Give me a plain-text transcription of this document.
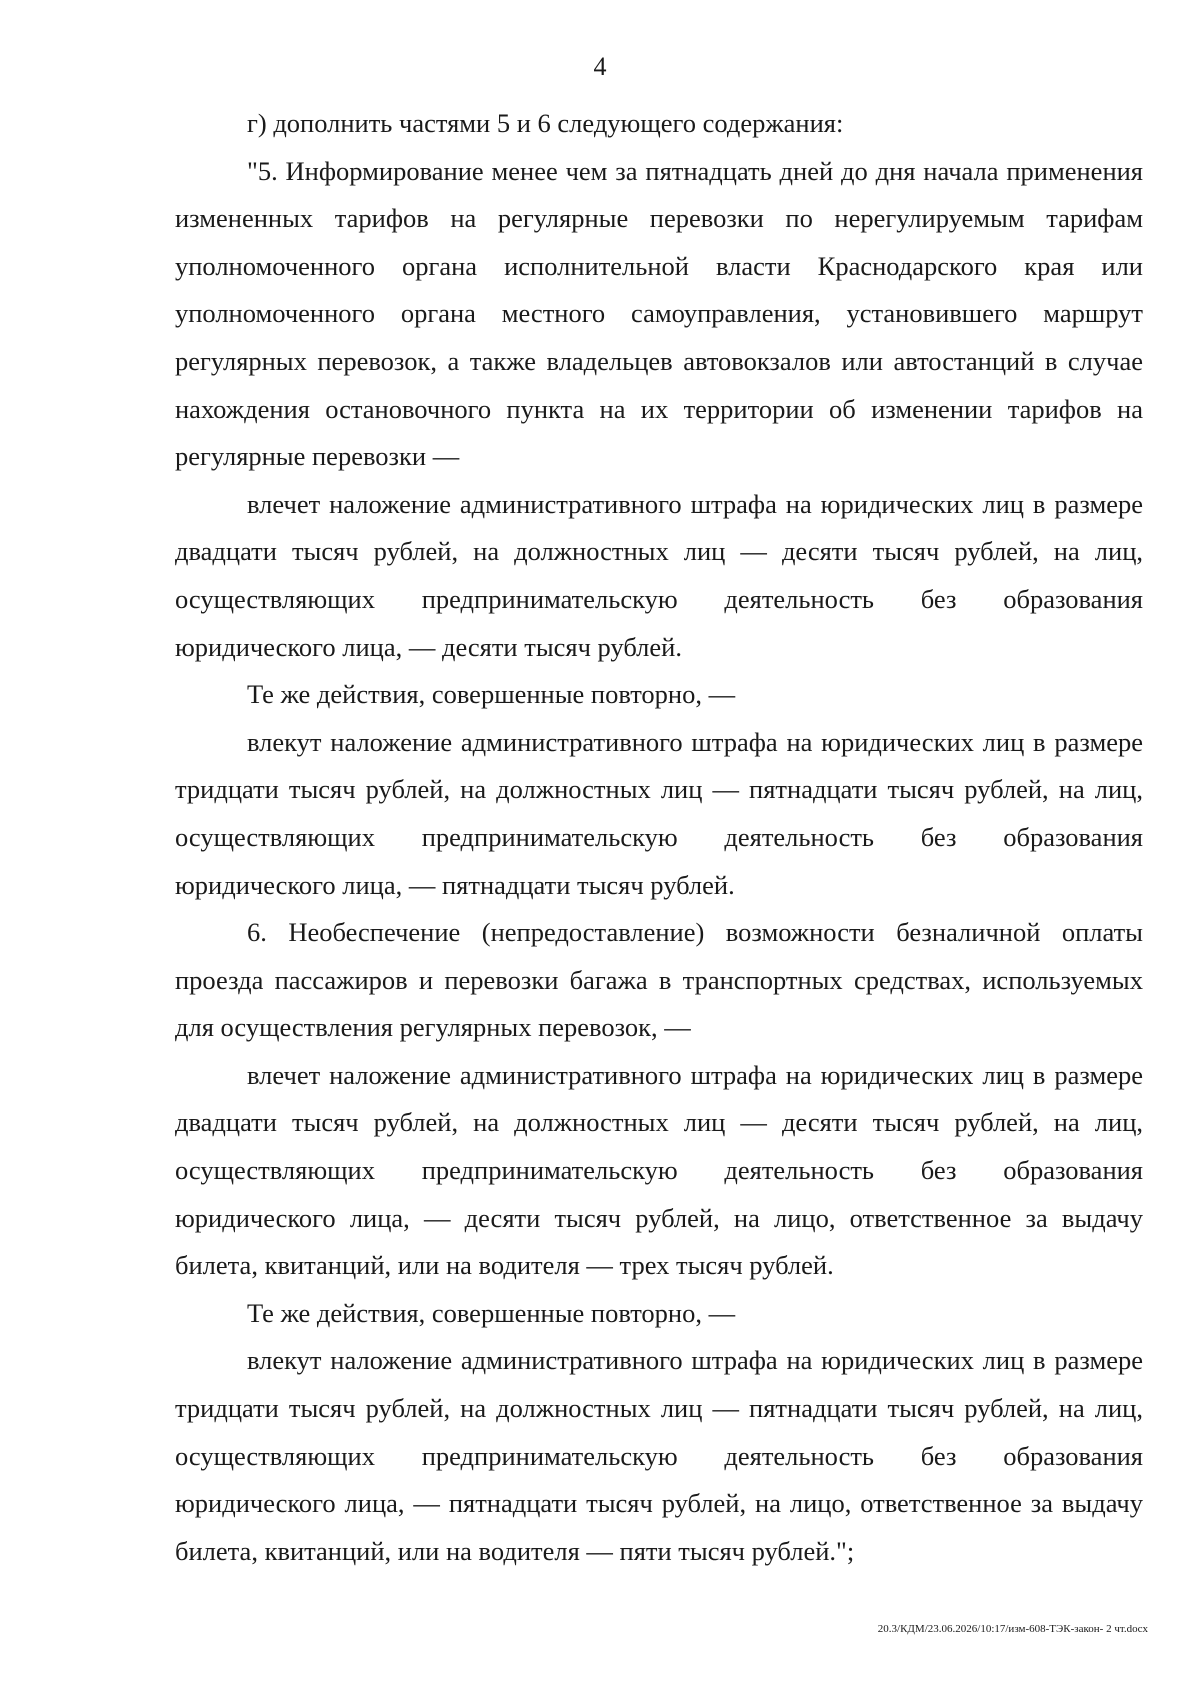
4

г) дополнить частями 5 и 6 следующего содержания:

"5. Информирование менее чем за пятнадцать дней до дня начала применения измененных тарифов на регулярные перевозки по нерегулируемым тарифам уполномоченного органа исполнительной власти Краснодарского края или уполномоченного органа местного самоуправления, установившего маршрут регулярных перевозок, а также владельцев автовокзалов или автостанций в случае нахождения остановочного пункта на их территории об изменении тарифов на регулярные перевозки —

влечет наложение административного штрафа на юридических лиц в размере двадцати тысяч рублей, на должностных лиц — десяти тысяч рублей, на лиц, осуществляющих предпринимательскую деятельность без образования юридического лица, — десяти тысяч рублей.

Те же действия, совершенные повторно, —

влекут наложение административного штрафа на юридических лиц в размере тридцати тысяч рублей, на должностных лиц — пятнадцати тысяч рублей, на лиц, осуществляющих предпринимательскую деятельность без образования юридического лица, — пятнадцати тысяч рублей.

6. Необеспечение (непредоставление) возможности безналичной оплаты проезда пассажиров и перевозки багажа в транспортных средствах, используемых для осуществления регулярных перевозок, —

влечет наложение административного штрафа на юридических лиц в размере двадцати тысяч рублей, на должностных лиц — десяти тысяч рублей, на лиц, осуществляющих предпринимательскую деятельность без образования юридического лица, — десяти тысяч рублей, на лицо, ответственное за выдачу билета, квитанций, или на водителя — трех тысяч рублей.

Те же действия, совершенные повторно, —

влекут наложение административного штрафа на юридических лиц в размере тридцати тысяч рублей, на должностных лиц — пятнадцати тысяч рублей, на лиц, осуществляющих предпринимательскую деятельность без образования юридического лица, — пятнадцати тысяч рублей, на лицо, ответственное за выдачу билета, квитанций, или на водителя — пяти тысяч рублей.";

20.3/КДМ/23.06.2026/10:17/изм-608-ТЭК-закон- 2 чт.docx
